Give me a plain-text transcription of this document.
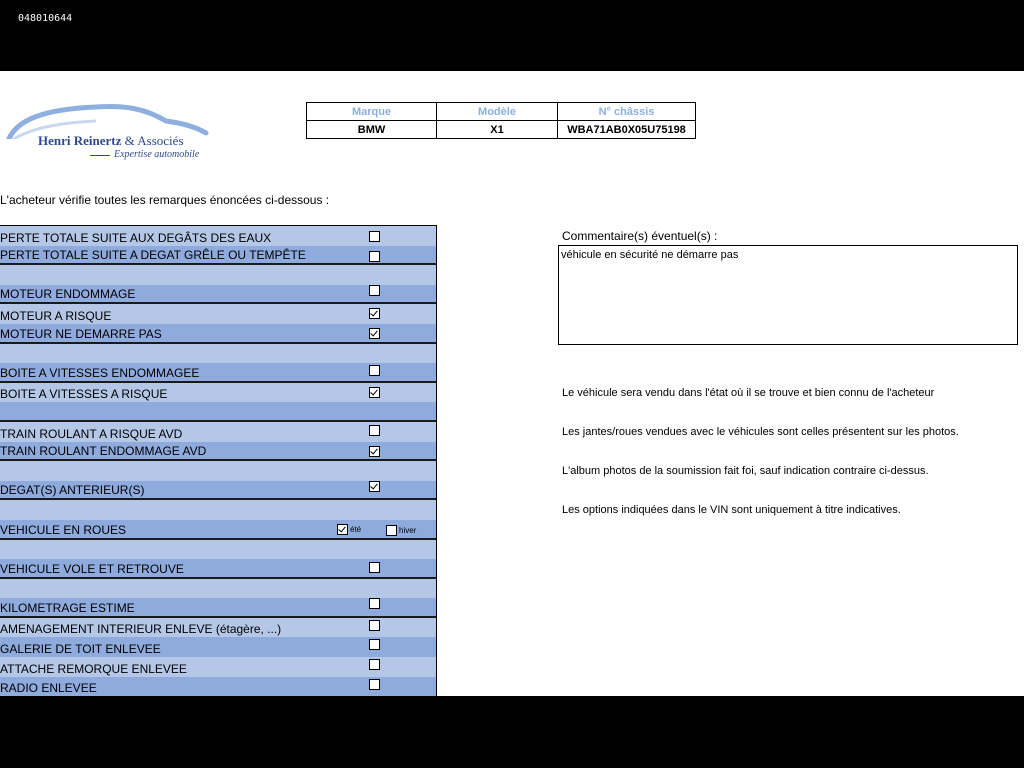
048010644
Henri Reinertz & Associés
Expertise automobile
Marque	Modèle	N° châssis
BMW	X1	WBA71AB0X05U75198
L'acheteur vérifie toutes les remarques énoncées ci-dessous :
PERTE TOTALE SUITE AUX DEGÂTS DES EAUX
PERTE TOTALE SUITE A DEGAT GRÊLE OU TEMPÊTE
MOTEUR ENDOMMAGE
MOTEUR A RISQUE
MOTEUR NE DEMARRE PAS
BOITE A VITESSES ENDOMMAGEE
BOITE A VITESSES A RISQUE
TRAIN ROULANT A RISQUE AVD
TRAIN ROULANT ENDOMMAGE AVD
DEGAT(S) ANTERIEUR(S)
VEHICULE EN ROUES	été	hiver
VEHICULE VOLE ET RETROUVE
KILOMETRAGE ESTIME
AMENAGEMENT INTERIEUR ENLEVE (étagère, ...)
GALERIE DE TOIT ENLEVEE
ATTACHE REMORQUE ENLEVEE
RADIO ENLEVEE
Commentaire(s) éventuel(s) :
véhicule en sécurité ne démarre pas
Le véhicule sera vendu dans l'état où il se trouve et bien connu de l'acheteur
Les jantes/roues vendues avec le véhicules sont celles présentent sur les photos.
L'album photos de la soumission fait foi, sauf indication contraire ci-dessus.
Les options indiquées dans le VIN sont uniquement à titre indicatives.
